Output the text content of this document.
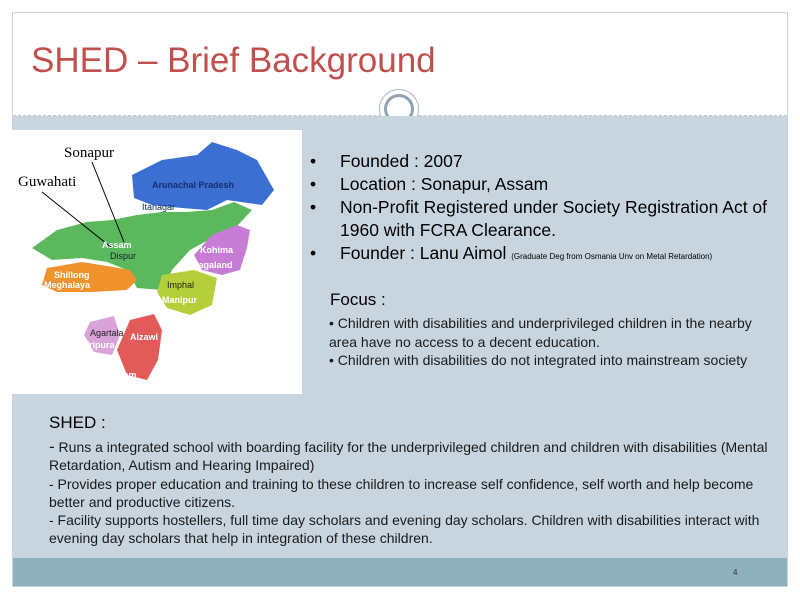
SHED – Brief Background
4
Sonapur
Guwahati	Arunachal Pradesh
Itanagar
Assam
Dispur
Kohima
Nagaland
Shillong
Meghalaya	Imphal
Manipur
Agartala
Tripura
Aizawl
Mizoram
• Founded : 2007
• Location : Sonapur, Assam
• Non-Profit Registered under Society Registration Act of 1960 with FCRA Clearance.
• Founder : Lanu Aimol (Graduate Deg from Osmania Unv on Metal Retardation)
Focus :
• Children with disabilities and underprivileged children in the nearby area have no access to a decent education.
• Children with disabilities do not integrated into mainstream society
SHED :
- Runs a integrated school with boarding facility for the underprivileged children and children with disabilities (Mental Retardation, Autism and Hearing Impaired)
- Provides proper education and training to these children to increase self confidence, self worth and help become better and productive citizens.
- Facility supports hostellers, full time day scholars and evening day scholars. Children with disabilities interact with evening day scholars that help in integration of these children.
